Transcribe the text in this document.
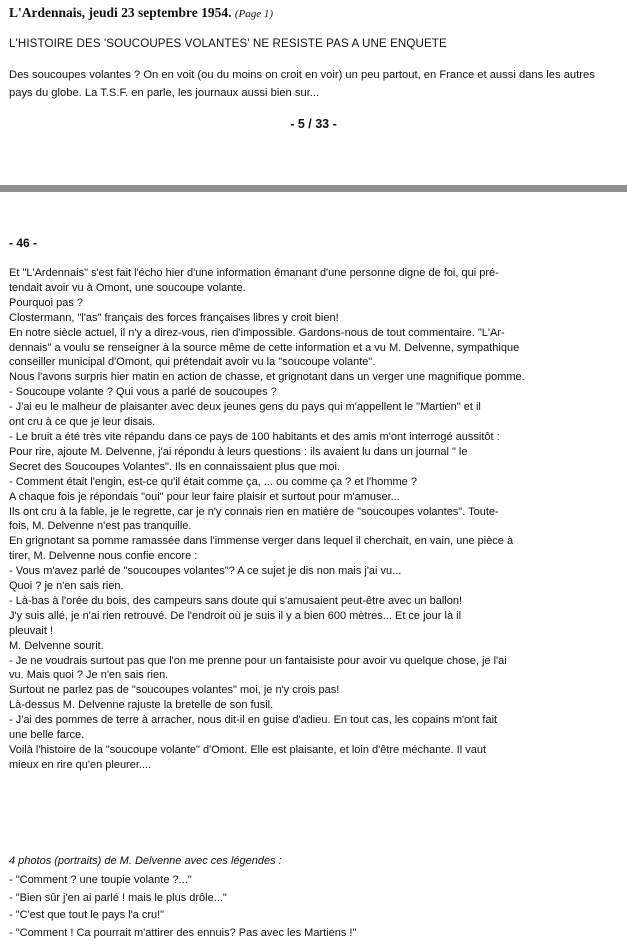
L'Ardennais, jeudi 23 septembre 1954. (Page 1)
L'HISTOIRE DES 'SOUCOUPES VOLANTES' NE RESISTE PAS A UNE ENQUETE
Des soucoupes volantes ? On en voit (ou du moins on croit en voir) un peu partout, en France et aussi dans les autres pays du globe. La T.S.F. en parle, les journaux aussi bien sur...
- 5 / 33 -
- 46 -

Et "L'Ardennais" s'est fait l'écho hier d'une information émanant d'une personne digne de foi, qui pré-

tendait avoir vu à Omont, une soucoupe volante.

Pourquoi pas ?

Clostermann, "l'as" français des forces françaises libres y croit bien!

En notre siècle actuel, il n'y a direz-vous, rien d'impossible. Gardons-nous de tout commentaire. "L'Ar-

dennais" a voulu se renseigner à la source même de cette information et a vu M. Delvenne, sympathique

conseiller municipal d'Omont, qui prétendait avoir vu la "soucoupe volante".

Nous l'avons surpris hier matin en action de chasse, et grignotant dans un verger une magnifique pomme.

- Soucoupe volante ? Qui vous a parlé de soucoupes ?

- J'ai eu le malheur de plaisanter avec deux jeunes gens du pays qui m'appellent le "Martien" et il

ont cru à ce que je leur disais.

- Le bruit a été très vite répandu dans ce pays de 100 habitants et des amis m'ont interrogé aussitôt :

Pour rire, ajoute M. Delvenne, j'ai répondu à leurs questions : ils avaient lu dans un journal " le

Secret des Soucoupes Volantes". Ils en connaissaient plus que moi.

- Comment était l'engin, est-ce qu'il était comme ça, ... ou comme ça ? et l'homme ?

A chaque fois je répondais "oui" pour leur faire plaisir et surtout pour m'amuser...

Ils ont cru à la fable, je le regrette, car je n'y connais rien en matière de "soucoupes volantes". Toute-

fois, M. Delvenne n'est pas tranquille.

En grignotant sa pomme ramassée dans l'immense verger dans lequel il cherchait, en vain, une pièce à

tirer, M. Delvenne nous confie encore :

- Vous m'avez parlé de "soucoupes volantes"? A ce sujet je dis non mais j'ai vu...

Quoi ? je n'en sais rien.

- Là-bas à l'orée du bois, des campeurs sans doute qui s'amusaient peut-être avec un ballon!

J'y suis allé, je n'ai rien retrouvé. De l'endroit où je suis il y a bien 600 mètres... Et ce jour là il

pleuvait !

M. Delvenne sourit.

- Je ne voudrais surtout pas que l'on me prenne pour un fantaisiste pour avoir vu quelque chose, je l'ai

vu. Mais quoi ? Je n'en sais rien.

Surtout ne parlez pas de "soucoupes volantes" moi, je n'y crois pas!

Là-dessus M. Delvenne rajuste la bretelle de son fusil.

- J'ai des pommes de terre à arracher, nous dit-il en guise d'adieu. En tout cas, les copains m'ont fait

une belle farce.

Voilà l'histoire de la "soucoupe volante" d'Omont. Elle est plaisante, et loin d'être méchante. Il vaut

mieux en rire qu'en pleurer....

4 photos (portraits) de M. Delvenne avec ces légendes :

- "Comment ? une toupie volante ?..."

- "Bien sûr j'en ai parlé ! mais le plus drôle..."

- "C'est que tout le pays l'a cru!"

- "Comment ! Ca pourrait m'attirer des ennuis? Pas avec les Martiens !"
